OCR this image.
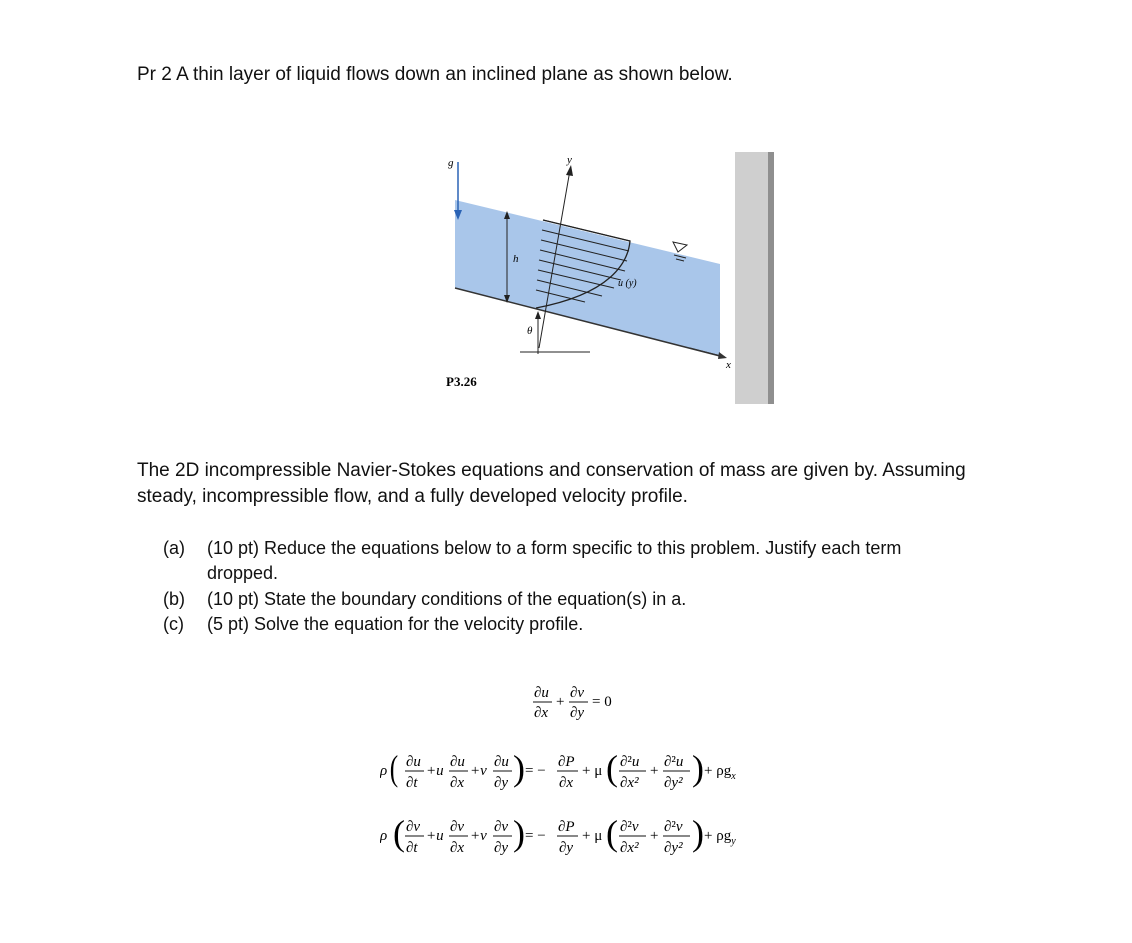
Pr 2 A thin layer of liquid flows down an inclined plane as shown below.
x
g
h
y
u (y)
θ
P3.26
The 2D incompressible Navier-Stokes equations and conservation of mass are given by. Assuming steady, incompressible flow, and a fully developed velocity profile.
(a) (10 pt) Reduce the equations below to a form specific to this problem. Justify each term dropped.
(b) (10 pt) State the boundary conditions of the equation(s) in a.
(c) (5 pt) Solve the equation for the velocity profile.
∂u
∂x
+
∂v
∂y
= 0
ρ ( ∂u
∂t
+u
∂u
∂x
+v
∂u
∂y ) = −
∂P
∂x
+ μ ( ∂²u
∂x²
+
∂²u
∂y² ) + $\rho g_x$
ρ ( ∂v
∂t
+u
∂v
∂x
+v
∂v
∂y ) = −
∂P
∂y
+ μ ( ∂²v
∂x²
+
∂²v
∂y² ) + $\rho g_y$
